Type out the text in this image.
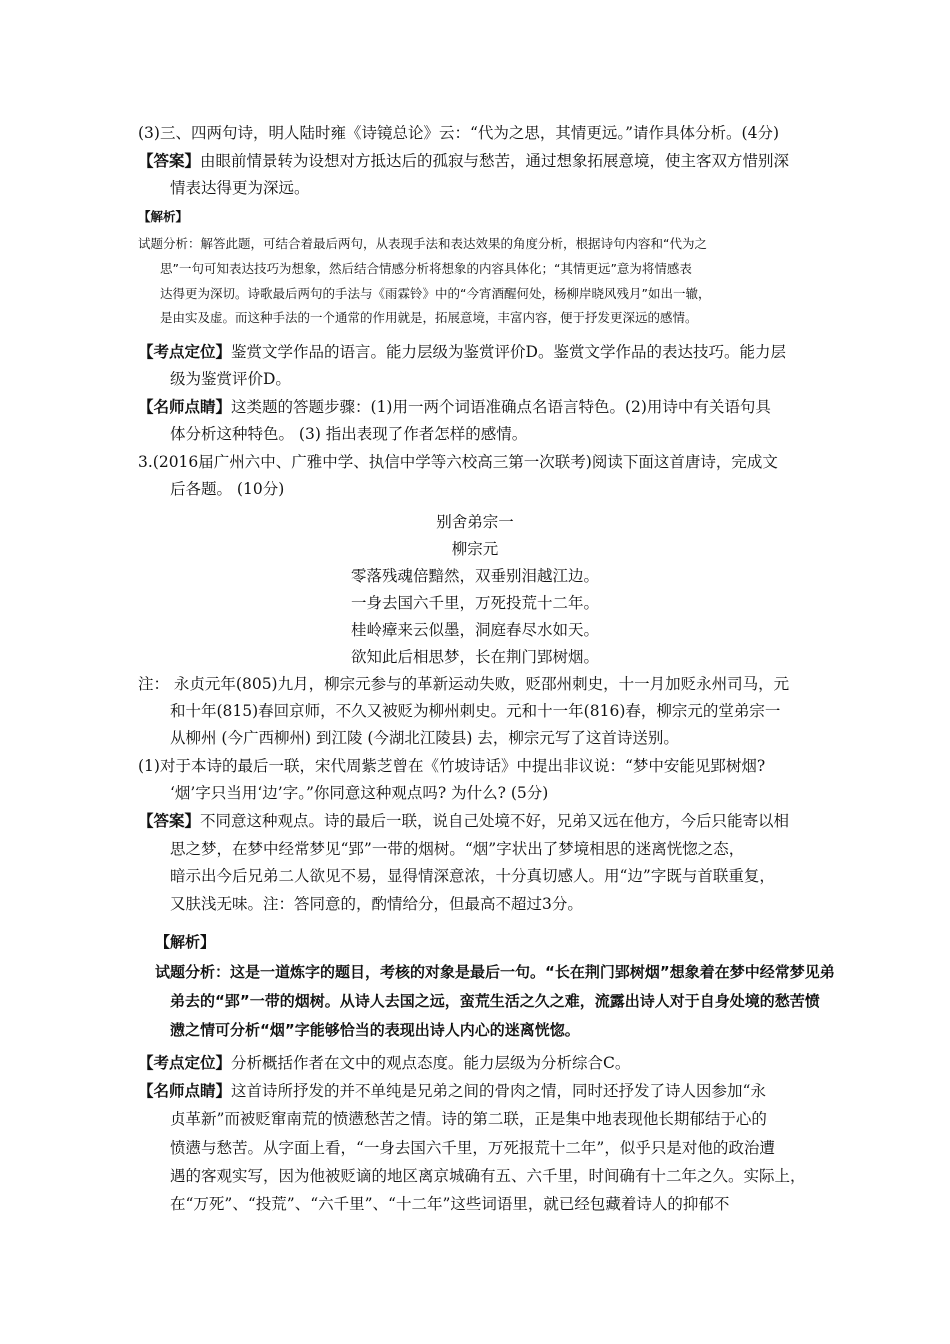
(3)三、四两句诗，明人陆时雍《诗镜总论》云：“代为之思，其情更远。”请作具体分析。(4分)
【答案】由眼前情景转为设想对方抵达后的孤寂与愁苦，通过想象拓展意境，使主客双方惜别深
情表达得更为深远。
【解析】
试题分析：解答此题，可结合着最后两句，从表现手法和表达效果的角度分析，根据诗句内容和“代为之
思”一句可知表达技巧为想象，然后结合情感分析将想象的内容具体化；“其情更远”意为将情感表
达得更为深切。诗歌最后两句的手法与《雨霖铃》中的“今宵酒醒何处，杨柳岸晓风残月”如出一辙，
是由实及虚。而这种手法的一个通常的作用就是，拓展意境，丰富内容，便于抒发更深远的感情。
【考点定位】鉴赏文学作品的语言。能力层级为鉴赏评价D。鉴赏文学作品的表达技巧。能力层
级为鉴赏评价D。
【名师点睛】这类题的答题步骤：(1)用一两个词语准确点名语言特色。(2)用诗中有关语句具
体分析这种特色。 (3) 指出表现了作者怎样的感情。
3.(2016届广州六中、广雅中学、执信中学等六校高三第一次联考)阅读下面这首唐诗，完成文
后各题。 (10分)
别舍弟宗一
柳宗元
零落残魂倍黯然，双垂别泪越江边。
一身去国六千里，万死投荒十二年。
桂岭瘴来云似墨，洞庭春尽水如天。
欲知此后相思梦，长在荆门郢树烟。
注： 永贞元年(805)九月，柳宗元参与的革新运动失败，贬邵州刺史，十一月加贬永州司马，元
和十年(815)春回京师，不久又被贬为柳州刺史。元和十一年(816)春，柳宗元的堂弟宗一
从柳州 (今广西柳州) 到江陵 (今湖北江陵县) 去，柳宗元写了这首诗送别。
(1)对于本诗的最后一联，宋代周紫芝曾在《竹坡诗话》中提出非议说：“梦中安能见郢树烟?
‘烟’字只当用‘边’字。”你同意这种观点吗? 为什么? (5分)
【答案】不同意这种观点。诗的最后一联，说自己处境不好，兄弟又远在他方，今后只能寄以相
思之梦，在梦中经常梦见“郢”一带的烟树。“烟”字状出了梦境相思的迷离恍惚之态，
暗示出今后兄弟二人欲见不易，显得情深意浓，十分真切感人。用“边”字既与首联重复，
又肤浅无味。注：答同意的，酌情给分，但最高不超过3分。
【解析】
试题分析：这是一道炼字的题目，考核的对象是最后一句。“长在荆门郢树烟”想象着在梦中经常梦见弟
弟去的“郢”一带的烟树。从诗人去国之远，蛮荒生活之久之难，流露出诗人对于自身处境的愁苦愤
懑之情可分析“烟”字能够恰当的表现出诗人内心的迷离恍惚。
【考点定位】分析概括作者在文中的观点态度。能力层级为分析综合C。
【名师点睛】这首诗所抒发的并不单纯是兄弟之间的骨肉之情，同时还抒发了诗人因参加“永
贞革新”而被贬窜南荒的愤懑愁苦之情。诗的第二联，正是集中地表现他长期郁结于心的
愤懑与愁苦。从字面上看，“一身去国六千里，万死报荒十二年”，似乎只是对他的政治遭
遇的客观实写，因为他被贬谪的地区离京城确有五、六千里，时间确有十二年之久。实际上，
在“万死”、“投荒”、“六千里”、“十二年”这些词语里，就已经包藏着诗人的抑郁不
